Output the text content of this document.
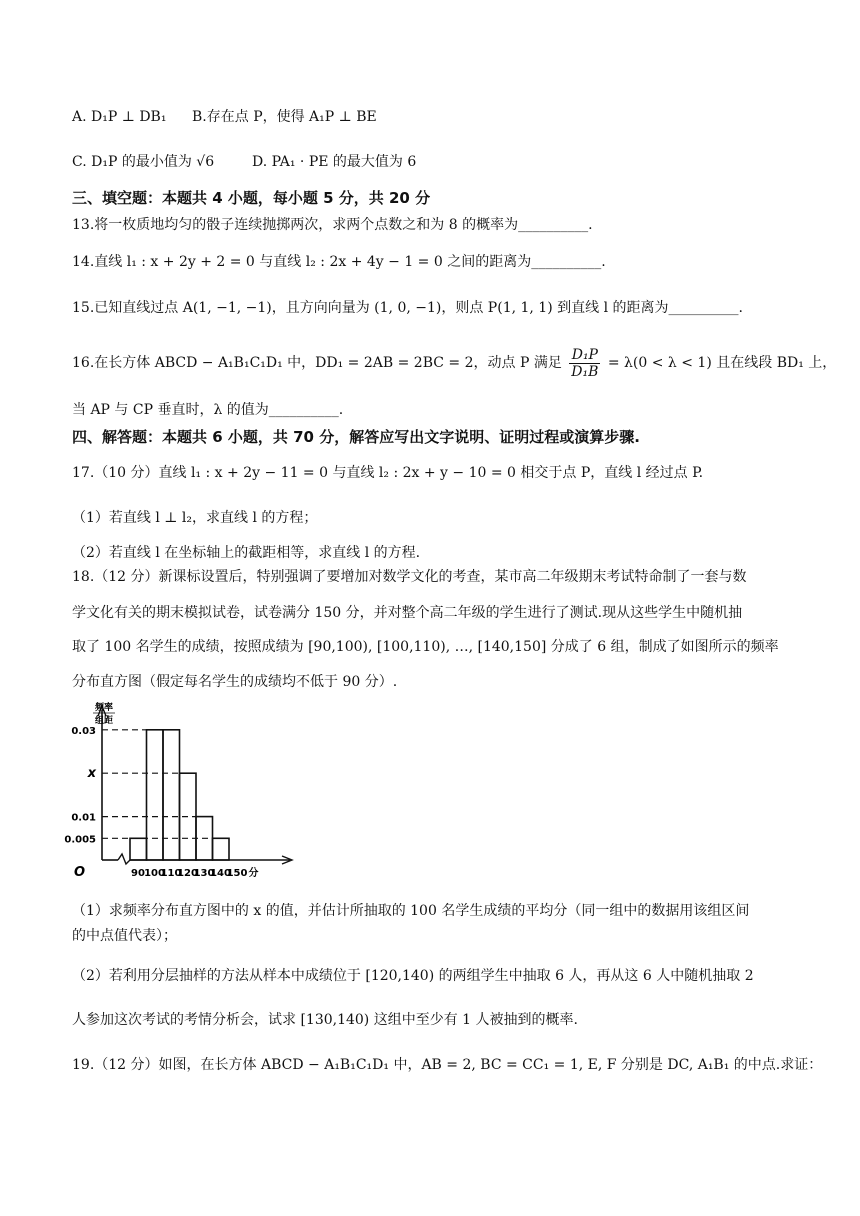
A. D₁P ⊥ DB₁ B.存在点 P，使得 A₁P ⊥ BE
C. D₁P 的最小值为 √6	D. PA₁ · PE 的最大值为 6
三、填空题：本题共 4 小题，每小题 5 分，共 20 分
13.将一枚质地均匀的骰子连续抛掷两次，求两个点数之和为 8 的概率为__________.
14.直线 l₁ : x + 2y + 2 = 0 与直线 l₂ : 2x + 4y − 1 = 0 之间的距离为__________.
15.已知直线过点 A(1, −1, −1)，且方向向量为 (1, 0, −1)，则点 P(1, 1, 1) 到直线 l 的距离为__________.
16.在长方体 ABCD − A₁B₁C₁D₁ 中，DD₁ = 2AB = 2BC = 2，动点 P 满足 $\frac{\text{D₁P}}{\text{D₁B}} = \lambda(0 < \lambda < 1)$ 且在线段 BD₁ 上，
当 AP 与 CP 垂直时，λ 的值为__________.
四、解答题：本题共 6 小题，共 70 分，解答应写出文字说明、证明过程或演算步骤.
17.（10 分）直线 l₁ : x + 2y − 11 = 0 与直线 l₂ : 2x + y − 10 = 0 相交于点 P，直线 l 经过点 P.
（1）若直线 l ⊥ l₂，求直线 l 的方程；
（2）若直线 l 在坐标轴上的截距相等，求直线 l 的方程.
18.（12 分）新课标设置后，特别强调了要增加对数学文化的考查，某市高二年级期末考试特命制了一套与数
学文化有关的期末模拟试卷，试卷满分 150 分，并对整个高二年级的学生进行了测试.现从这些学生中随机抽
取了 100 名学生的成绩，按照成绩为 [90,100), [100,110), …, [140,150] 分成了 6 组，制成了如图所示的频率
分布直方图（假定每名学生的成绩均不低于 90 分）.
频率
组距
O
0.03
x
0.01
0.005
90 100
110
120
130
140
150 分
（1）求频率分布直方图中的 x 的值，并估计所抽取的 100 名学生成绩的平均分（同一组中的数据用该组区间
的中点值代表）；
（2）若利用分层抽样的方法从样本中成绩位于 [120,140) 的两组学生中抽取 6 人，再从这 6 人中随机抽取 2
人参加这次考试的考情分析会，试求 [130,140) 这组中至少有 1 人被抽到的概率.
19.（12 分）如图，在长方体 ABCD − A₁B₁C₁D₁ 中，AB = 2, BC = CC₁ = 1, E, F 分别是 DC, A₁B₁ 的中点.求证：
